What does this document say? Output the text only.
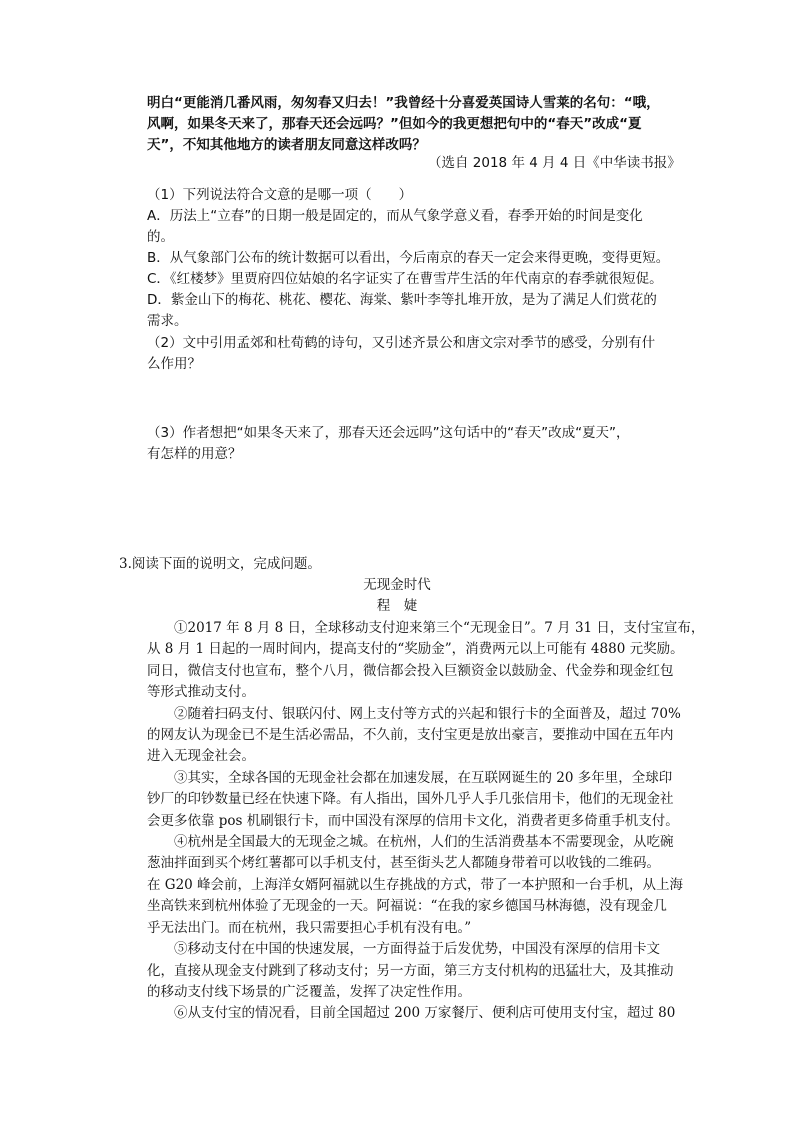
明白“更能消几番风雨，匆匆春又归去！”我曾经十分喜爱英国诗人雪莱的名句：“哦，

风啊，如果冬天来了，那春天还会远吗？”但如今的我更想把句中的“春天”改成“夏

天”，不知其他地方的读者朋友同意这样改吗？

（选自 2018 年 4 月 4 日《中华读书报》

（1）下列说法符合文意的是哪一项（　　）

A．历法上“立春”的日期一般是固定的，而从气象学意义看，春季开始的时间是变化

的。

B．从气象部门公布的统计数据可以看出，今后南京的春天一定会来得更晚，变得更短。

C．《红楼梦》里贾府四位姑娘的名字证实了在曹雪芹生活的年代南京的春季就很短促。

D．紫金山下的梅花、桃花、樱花、海棠、紫叶李等扎堆开放，是为了满足人们赏花的

需求。

（2）文中引用孟郊和杜荀鹤的诗句，又引述齐景公和唐文宗对季节的感受，分别有什

么作用？

（3）作者想把“如果冬天来了，那春天还会远吗”这句话中的“春天”改成“夏天”，

有怎样的用意？

3.阅读下面的说明文，完成问题。

无现金时代

程　婕

①2017 年 8 月 8 日，全球移动支付迎来第三个“无现金日”。7 月 31 日，支付宝宣布，

从 8 月 1 日起的一周时间内，提高支付的“奖励金”，消费两元以上可能有 4880 元奖励。

同日，微信支付也宣布，整个八月，微信都会投入巨额资金以鼓励金、代金券和现金红包

等形式推动支付。

②随着扫码支付、银联闪付、网上支付等方式的兴起和银行卡的全面普及，超过 70%

的网友认为现金已不是生活必需品，不久前，支付宝更是放出豪言，要推动中国在五年内

进入无现金社会。

③其实，全球各国的无现金社会都在加速发展，在互联网诞生的 20 多年里，全球印

钞厂的印钞数量已经在快速下降。有人指出，国外几乎人手几张信用卡，他们的无现金社

会更多依靠 pos 机刷银行卡，而中国没有深厚的信用卡文化，消费者更多倚重手机支付。

④杭州是全国最大的无现金之城。在杭州，人们的生活消费基本不需要现金，从吃碗

葱油拌面到买个烤红薯都可以手机支付，甚至街头艺人都随身带着可以收钱的二维码。

在 G20 峰会前，上海洋女婿阿福就以生存挑战的方式，带了一本护照和一台手机，从上海

坐高铁来到杭州体验了无现金的一天。阿福说：“在我的家乡德国马林海德，没有现金几

乎无法出门。而在杭州，我只需要担心手机有没有电。”

⑤移动支付在中国的快速发展，一方面得益于后发优势，中国没有深厚的信用卡文

化，直接从现金支付跳到了移动支付；另一方面，第三方支付机构的迅猛壮大，及其推动

的移动支付线下场景的广泛覆盖，发挥了决定性作用。

⑥从支付宝的情况看，目前全国超过 200 万家餐厅、便利店可使用支付宝，超过 80
